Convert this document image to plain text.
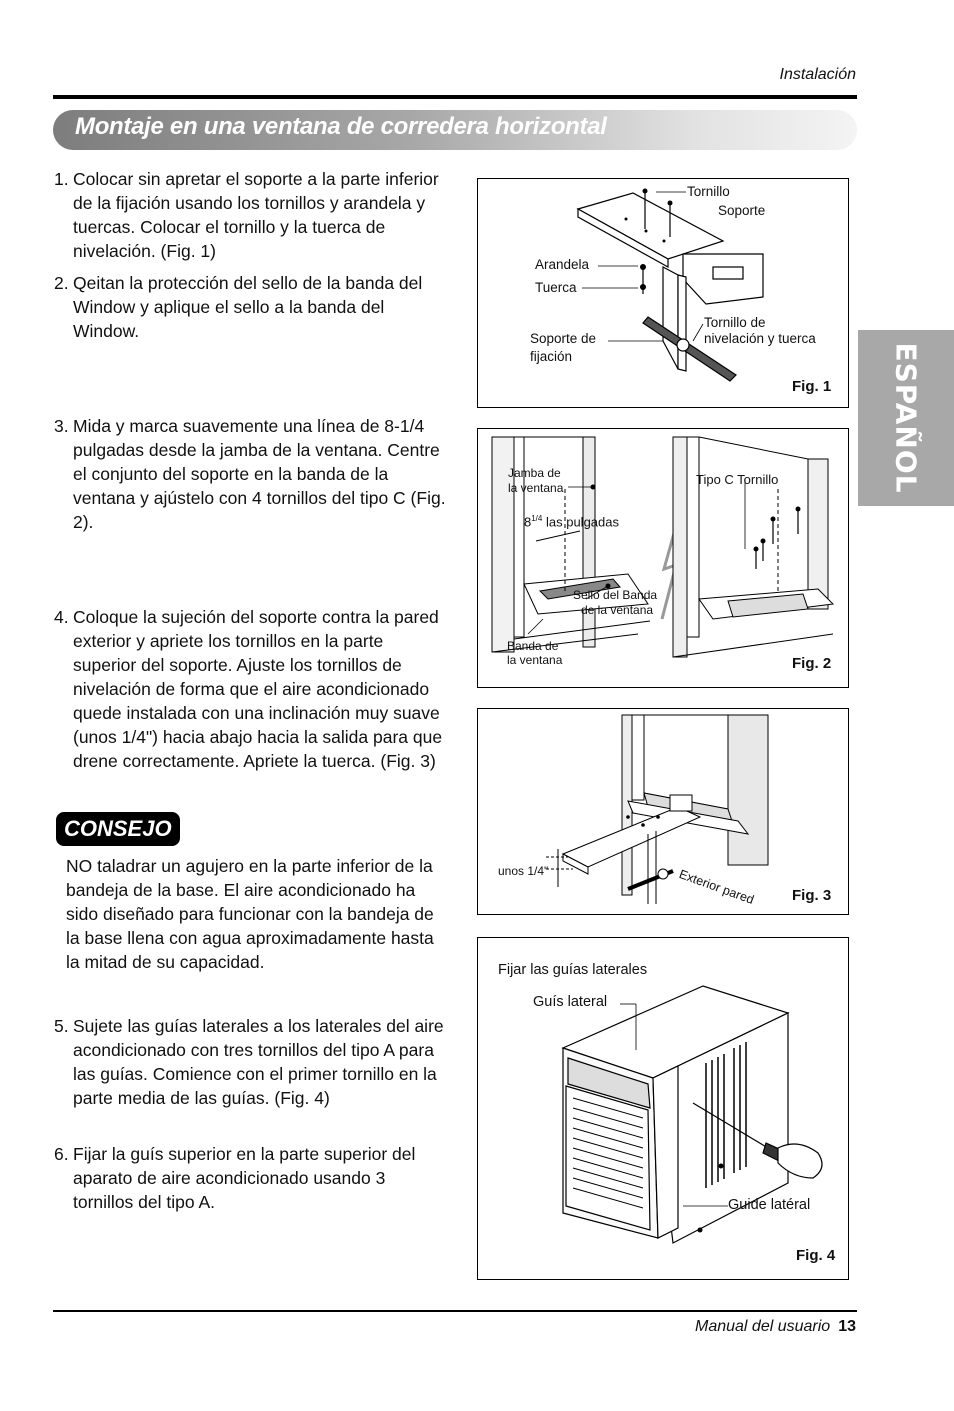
Instalación
Montaje en una ventana de corredera horizontal
ESPAÑOL
1. Colocar sin apretar el soporte a la parte inferior de la fijación usando los tornillos y arandela y tuercas. Colocar el tornillo y la tuerca de nivelación. (Fig. 1)
2. Qeitan la protección del sello de la banda del Window y aplique el sello a la banda del Window.
3. Mida y marca suavemente una línea de 8-1/4 pulgadas desde la jamba de la ventana. Centre el conjunto del soporte en la banda de la ventana y ajústelo con 4 tornillos del tipo C (Fig. 2).
4. Coloque la sujeción del soporte contra la pared exterior y apriete los tornillos en la parte superior del soporte. Ajuste los tornillos de nivelación de forma que el aire acondicionado quede instalada con una inclinación muy suave (unos 1/4") hacia abajo hacia la salida para que drene correctamente. Apriete la tuerca. (Fig. 3)
CONSEJO
NO taladrar un agujero en la parte inferior de la bandeja de la base. El aire acondicionado ha sido diseñado para funcionar con la bandeja de la base llena con agua aproximadamente hasta la mitad de su capacidad.
5. Sujete las guías laterales a los laterales del aire acondicionado con tres tornillos del tipo A para las guías. Comience con el primer tornillo en la parte media de las guías. (Fig. 4)
6. Fijar la guís superior en la parte superior del aparato de aire acondicionado usando 3 tornillos del tipo A.
Tornillo
Soporte
Arandela
Tuerca
Tornillo de
nivelación y tuerca
Soporte de
fijación
Fig. 1
Jamba de
la ventana
$8^{1/4}$ las pulgadas
Tipo C Tornillo
Sello del Banda
de la ventana
Banda de
la ventana	Fig. 2
unos 1/4"	Exterior pared Fig. 3
Fijar las guías laterales
Guís lateral
Guide latéral
Fig. 4
Manual del usuario 13
